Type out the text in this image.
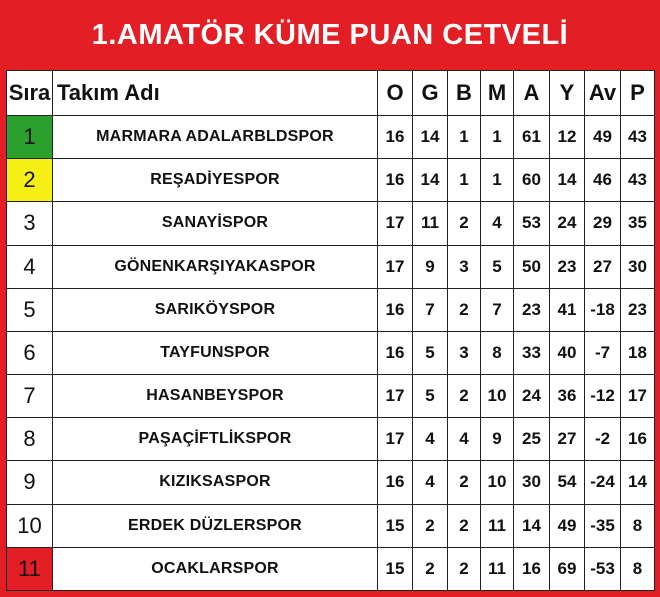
1.AMATÖR KÜME PUAN CETVELİ
Sıra	Takım Adı	O	G	B	M	A	Y	Av	P
1	MARMARA ADALARBLDSPOR	16	14	1	1	61	12	49	43
2	REŞADİYESPOR	16	14	1	1	60	14	46	43
3	SANAYİSPOR	17	11	2	4	53	24	29	35
4	GÖNENKARŞIYAKASPOR	17	9	3	5	50	23	27	30
5	SARIKÖYSPOR	16	7	2	7	23	41	-18	23
6	TAYFUNSPOR	16	5	3	8	33	40	-7	18
7	HASANBEYSPOR	17	5	2	10	24	36	-12	17
8	PAŞAÇİFTLİKSPOR	17	4	4	9	25	27	-2	16
9	KIZIKSASPOR	16	4	2	10	30	54	-24	14
10	ERDEK DÜZLERSPOR	15	2	2	11	14	49	-35	8
11	OCAKLARSPOR	15	2	2	11	16	69	-53	8
